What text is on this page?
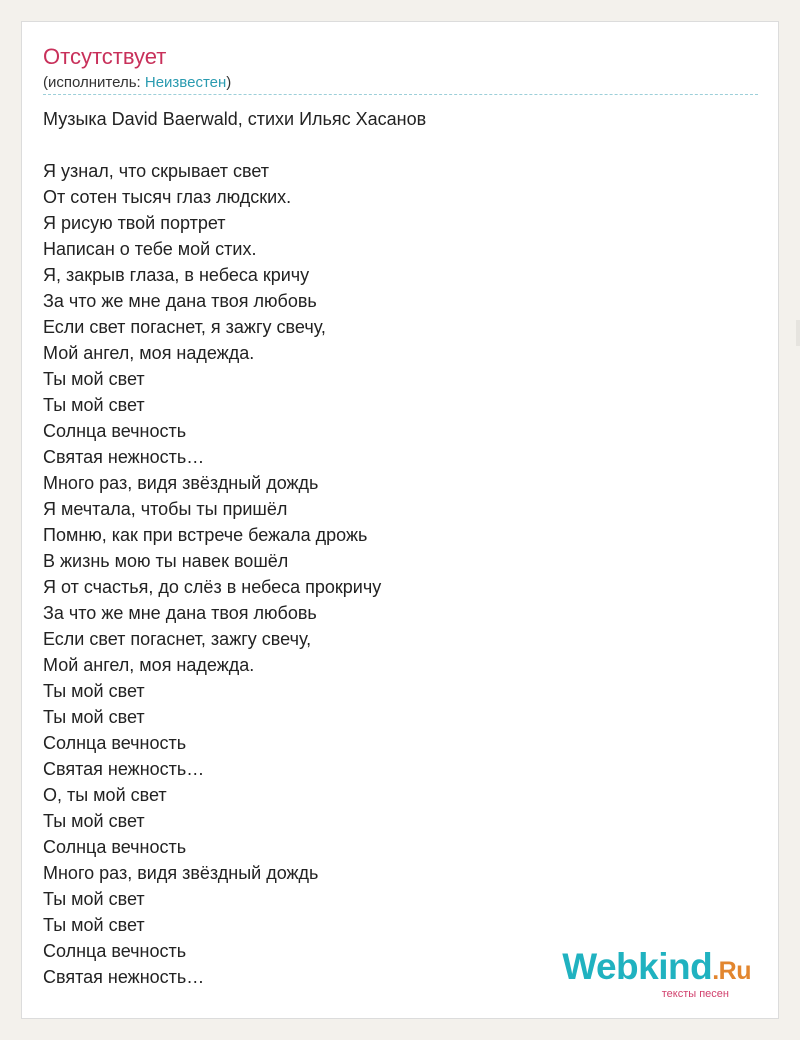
Отсутствует
(исполнитель: Неизвестен)
Музыка David Baerwald, стихи Ильяс Хасанов
Я узнал, что скрывает свет
От сотен тысяч глаз людских.
Я рисую твой портрет
Написан о тебе мой стих.
Я, закрыв глаза, в небеса кричу
За что же мне дана твоя любовь
Если свет погаснет, я зажгу свечу,
Мой ангел, моя надежда.
Ты мой свет
Ты мой свет
Солнца вечность
Святая нежность…
Много раз, видя звёздный дождь
Я мечтала, чтобы ты пришёл
Помню, как при встрече бежала дрожь
В жизнь мою ты навек вошёл
Я от счастья, до слёз в небеса прокричу
За что же мне дана твоя любовь
Если свет погаснет, зажгу свечу,
Мой ангел, моя надежда.
Ты мой свет
Ты мой свет
Солнца вечность
Святая нежность…
О, ты мой свет
Ты мой свет
Солнца вечность
Много раз, видя звёздный дождь
Ты мой свет
Ты мой свет
Солнца вечность
Святая нежность…	Webkind.Ru
тексты песен
